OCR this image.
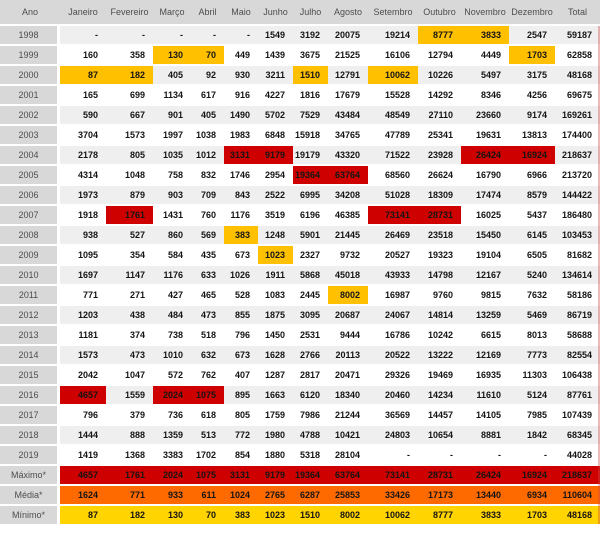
Ano	Janeiro	Fevereiro	Março	Abril	Maio	Junho	Julho	Agosto	Setembro	Outubro	Novembro	Dezembro	Total
1998	-	-	-	-	-	1549	3192	20075	19214	8777	3833	2547	59187
1999	160	358	130	70	449	1439	3675	21525	16106	12794	4449	1703	62858
2000	87	182	405	92	930	3211	1510	12791	10062	10226	5497	3175	48168
2001	165	699	1134	617	916	4227	1816	17679	15528	14292	8346	4256	69675
2002	590	667	901	405	1490	5702	7529	43484	48549	27110	23660	9174	169261
2003	3704	1573	1997	1038	1983	6848	15918	34765	47789	25341	19631	13813	174400
2004	2178	805	1035	1012	3131	9179	19179	43320	71522	23928	26424	16924	218637
2005	4314	1048	758	832	1746	2954	19364	63764	68560	26624	16790	6966	213720
2006	1973	879	903	709	843	2522	6995	34208	51028	18309	17474	8579	144422
2007	1918	1761	1431	760	1176	3519	6196	46385	73141	28731	16025	5437	186480
2008	938	527	860	569	383	1248	5901	21445	26469	23518	15450	6145	103453
2009	1095	354	584	435	673	1023	2327	9732	20527	19323	19104	6505	81682
2010	1697	1147	1176	633	1026	1911	5868	45018	43933	14798	12167	5240	134614
2011	771	271	427	465	528	1083	2445	8002	16987	9760	9815	7632	58186
2012	1203	438	484	473	855	1875	3095	20687	24067	14814	13259	5469	86719
2013	1181	374	738	518	796	1450	2531	9444	16786	10242	6615	8013	58688
2014	1573	473	1010	632	673	1628	2766	20113	20522	13222	12169	7773	82554
2015	2042	1047	572	762	407	1287	2817	20471	29326	19469	16935	11303	106438
2016	4657	1559	2024	1075	895	1663	6120	18340	20460	14234	11610	5124	87761
2017	796	379	736	618	805	1759	7986	21244	36569	14457	14105	7985	107439
2018	1444	888	1359	513	772	1980	4788	10421	24803	10654	8881	1842	68345
2019	1419	1368	3383	1702	854	1880	5318	28104	-	-	-	-	44028
Máximo*	4657	1761	2024	1075	3131	9179	19364	63764	73141	28731	26424	16924	218637
Média*	1624	771	933	611	1024	2765	6287	25853	33426	17173	13440	6934	110604
Mínimo*	87	182	130	70	383	1023	1510	8002	10062	8777	3833	1703	48168
